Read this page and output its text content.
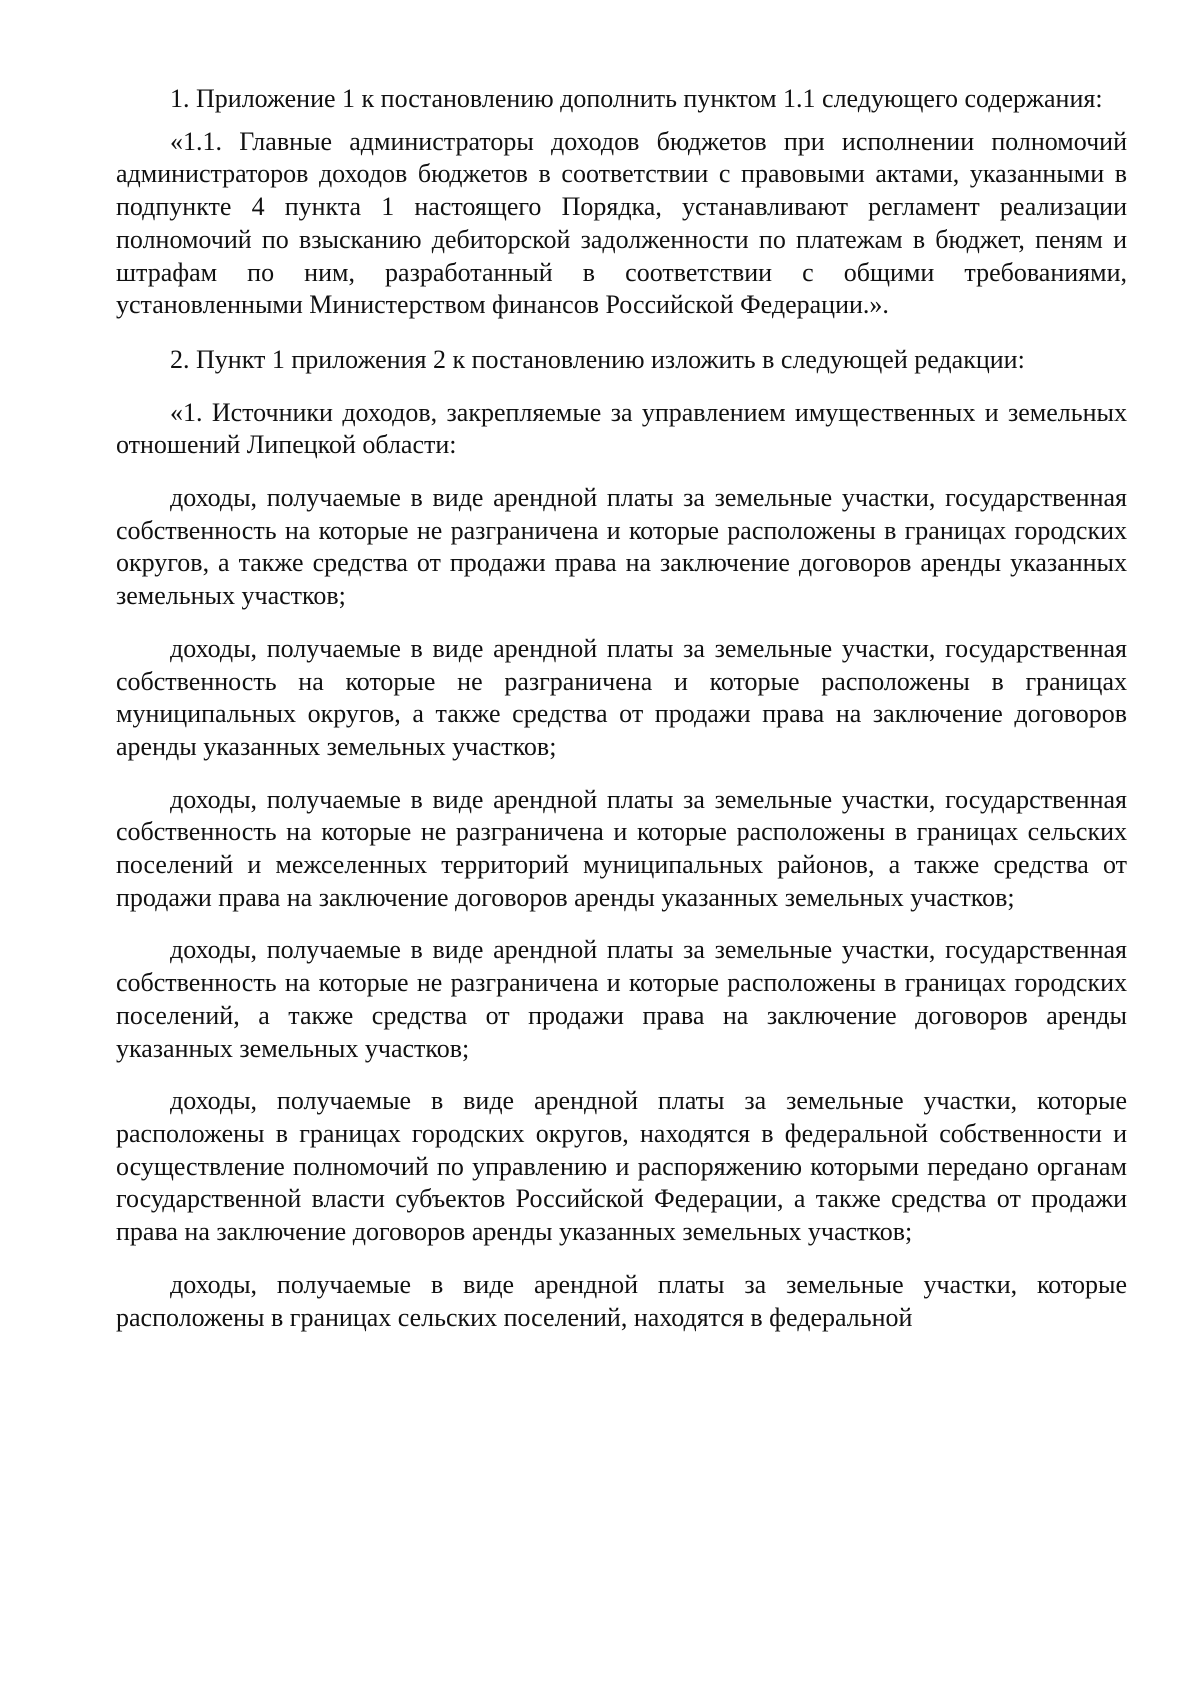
1. Приложение 1 к постановлению дополнить пунктом 1.1 следующего содержания:

«1.1. Главные администраторы доходов бюджетов при исполнении полномочий администраторов доходов бюджетов в соответствии с правовыми актами, указанными в подпункте 4 пункта 1 настоящего Порядка, устанавливают регламент реализации полномочий по взысканию дебиторской задолженности по платежам в бюджет, пеням и штрафам по ним, разработанный в соответствии с общими требованиями, установленными Министерством финансов Российской Федерации.».

2. Пункт 1 приложения 2 к постановлению изложить в следующей редакции:

«1. Источники доходов, закрепляемые за управлением имущественных и земельных отношений Липецкой области:

доходы, получаемые в виде арендной платы за земельные участки, государственная собственность на которые не разграничена и которые расположены в границах городских округов, а также средства от продажи права на заключение договоров аренды указанных земельных участков;

доходы, получаемые в виде арендной платы за земельные участки, государственная собственность на которые не разграничена и которые расположены в границах муниципальных округов, а также средства от продажи права на заключение договоров аренды указанных земельных участков;

доходы, получаемые в виде арендной платы за земельные участки, государственная собственность на которые не разграничена и которые расположены в границах сельских поселений и межселенных территорий муниципальных районов, а также средства от продажи права на заключение договоров аренды указанных земельных участков;

доходы, получаемые в виде арендной платы за земельные участки, государственная собственность на которые не разграничена и которые расположены в границах городских поселений, а также средства от продажи права на заключение договоров аренды указанных земельных участков;

доходы, получаемые в виде арендной платы за земельные участки, которые расположены в границах городских округов, находятся в федеральной собственности и осуществление полномочий по управлению и распоряжению которыми передано органам государственной власти субъектов Российской Федерации, а также средства от продажи права на заключение договоров аренды указанных земельных участков;

доходы, получаемые в виде арендной платы за земельные участки, которые расположены в границах сельских поселений, находятся в федеральной
